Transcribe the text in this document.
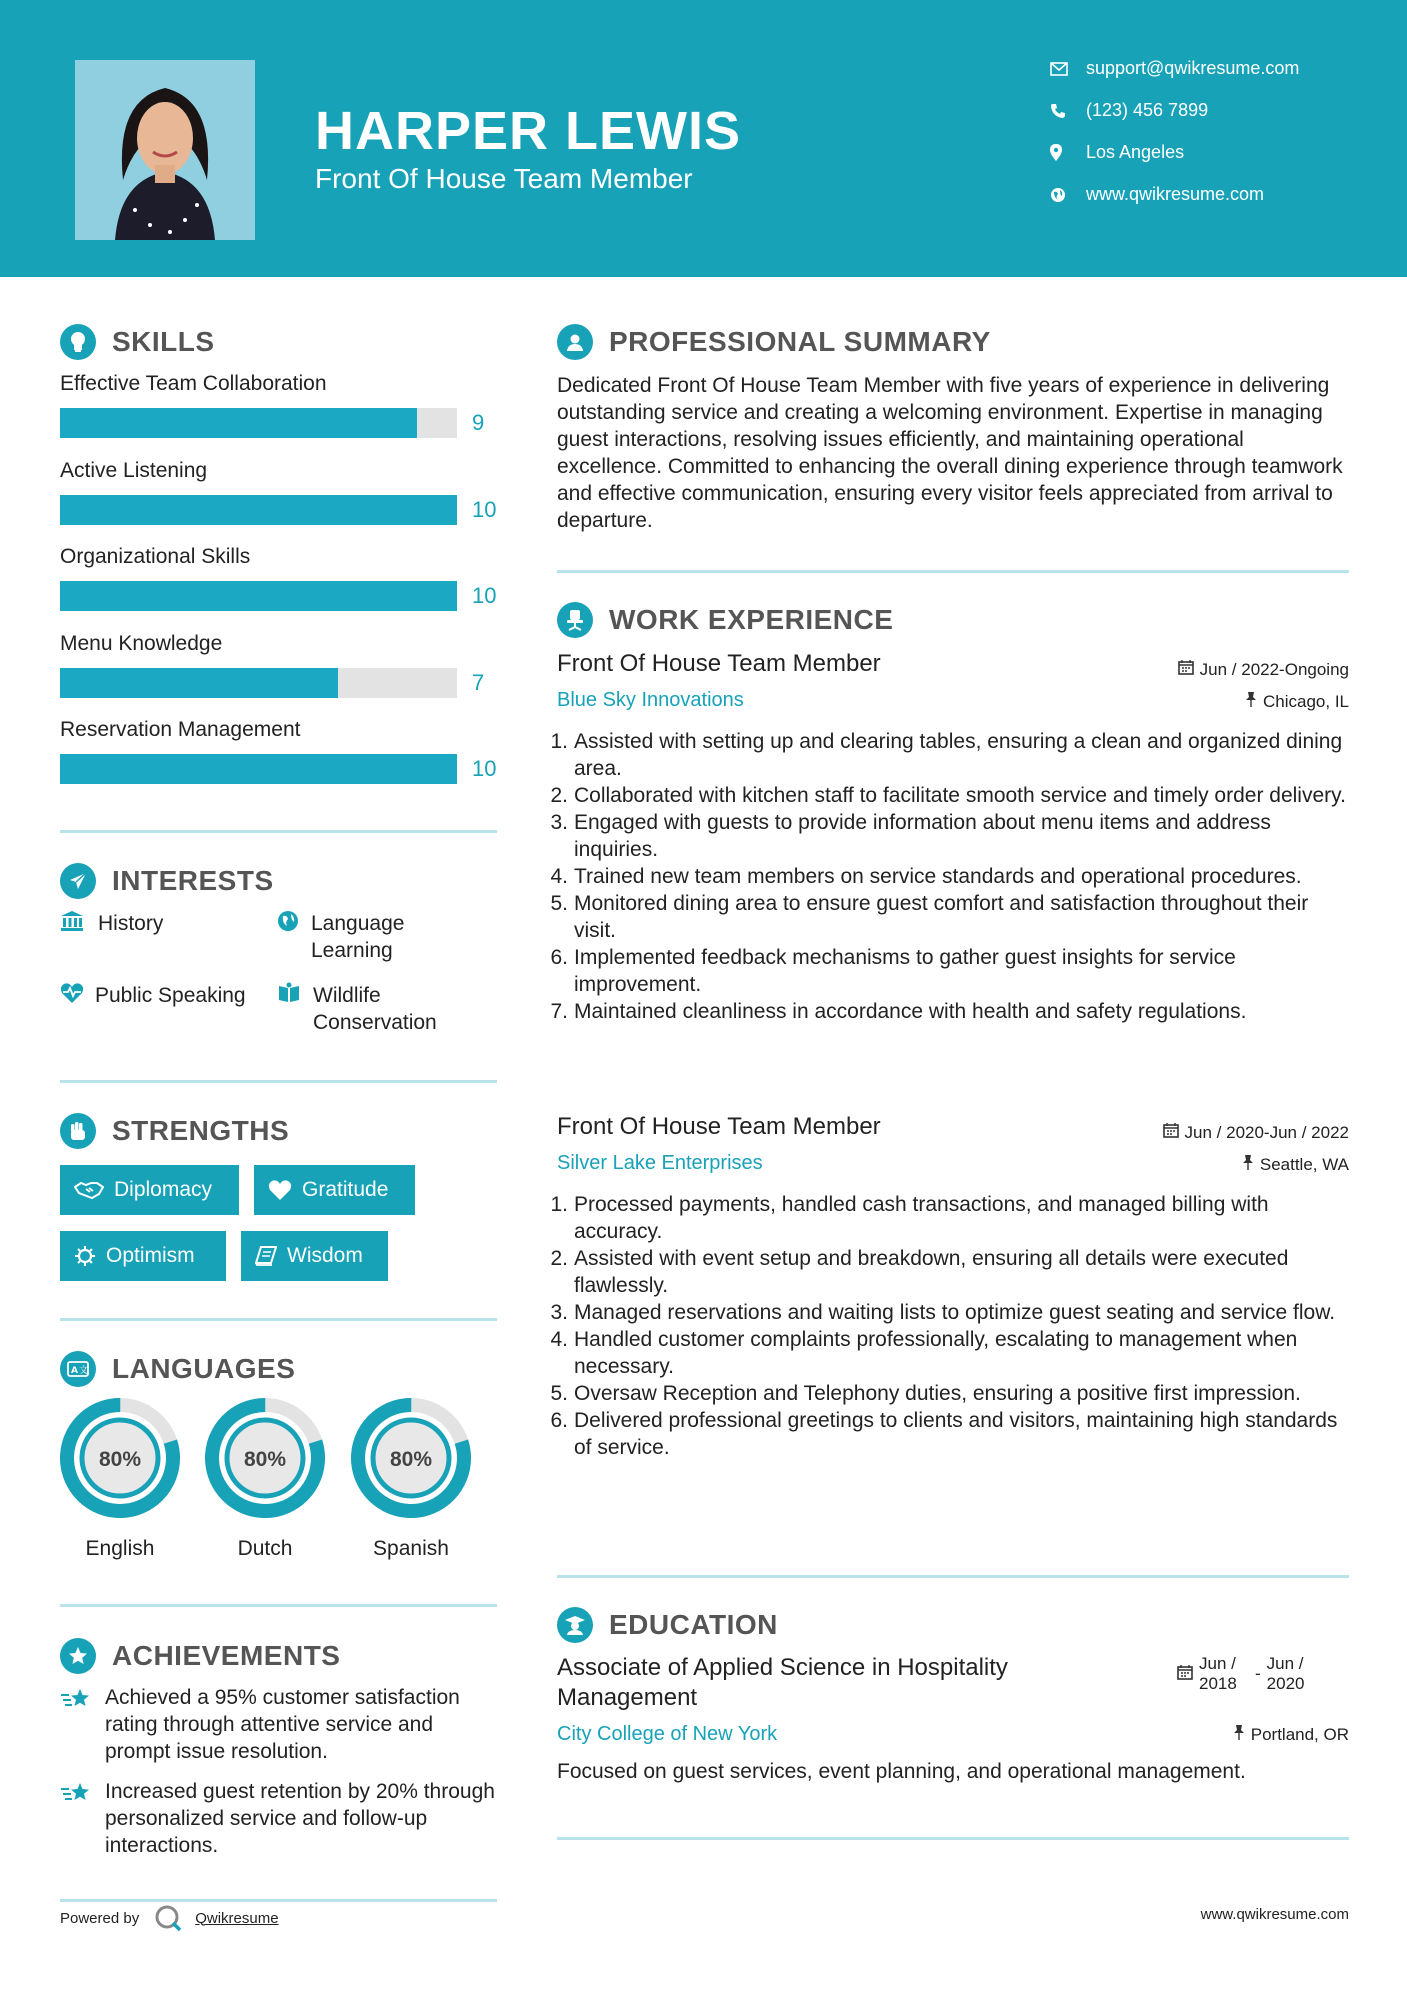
HARPER LEWIS
Front Of House Team Member
support@qwikresume.com
(123) 456 7899
Los Angeles
www.qwikresume.com
SKILLS
Effective Team Collaboration
9
Active Listening
10
Organizational Skills
10
Menu Knowledge
7
Reservation Management
10
INTERESTS
History	Language Learning
Public Speaking	Wildlife Conservation
STRENGTHS
Diplomacy	Gratitude
Optimism	Wisdom
A 文 LANGUAGES
80%
English
80%
Dutch
80%
Spanish
ACHIEVEMENTS
Achieved a 95% customer satisfaction rating through attentive service and prompt issue resolution.
Increased guest retention by 20% through personalized service and follow-up interactions.
PROFESSIONAL SUMMARY
Dedicated Front Of House Team Member with five years of experience in delivering outstanding service and creating a welcoming environment. Expertise in managing guest interactions, resolving issues efficiently, and maintaining operational excellence. Committed to enhancing the overall dining experience through teamwork and effective communication, ensuring every visitor feels appreciated from arrival to departure.
WORK EXPERIENCE
Front Of House Team Member	Jun / 2022-Ongoing
Blue Sky Innovations	Chicago, IL
1. Assisted with setting up and clearing tables, ensuring a clean and organized dining area.
2. Collaborated with kitchen staff to facilitate smooth service and timely order delivery.
3. Engaged with guests to provide information about menu items and address inquiries.
4. Trained new team members on service standards and operational procedures.
5. Monitored dining area to ensure guest comfort and satisfaction throughout their visit.
6. Implemented feedback mechanisms to gather guest insights for service improvement.
7. Maintained cleanliness in accordance with health and safety regulations.
Front Of House Team Member	Jun / 2020-Jun / 2022
Silver Lake Enterprises	Seattle, WA
1. Processed payments, handled cash transactions, and managed billing with accuracy.
2. Assisted with event setup and breakdown, ensuring all details were executed flawlessly.
3. Managed reservations and waiting lists to optimize guest seating and service flow.
4. Handled customer complaints professionally, escalating to management when necessary.
5. Oversaw Reception and Telephony duties, ensuring a positive first impression.
6. Delivered professional greetings to clients and visitors, maintaining high standards of service.
EDUCATION
Associate of Applied Science in Hospitality Management
Jun / 2018
-
Jun / 2020
City College of New York	Portland, OR
Focused on guest services, event planning, and operational management.
Powered by	Qwikresume	www.qwikresume.com
